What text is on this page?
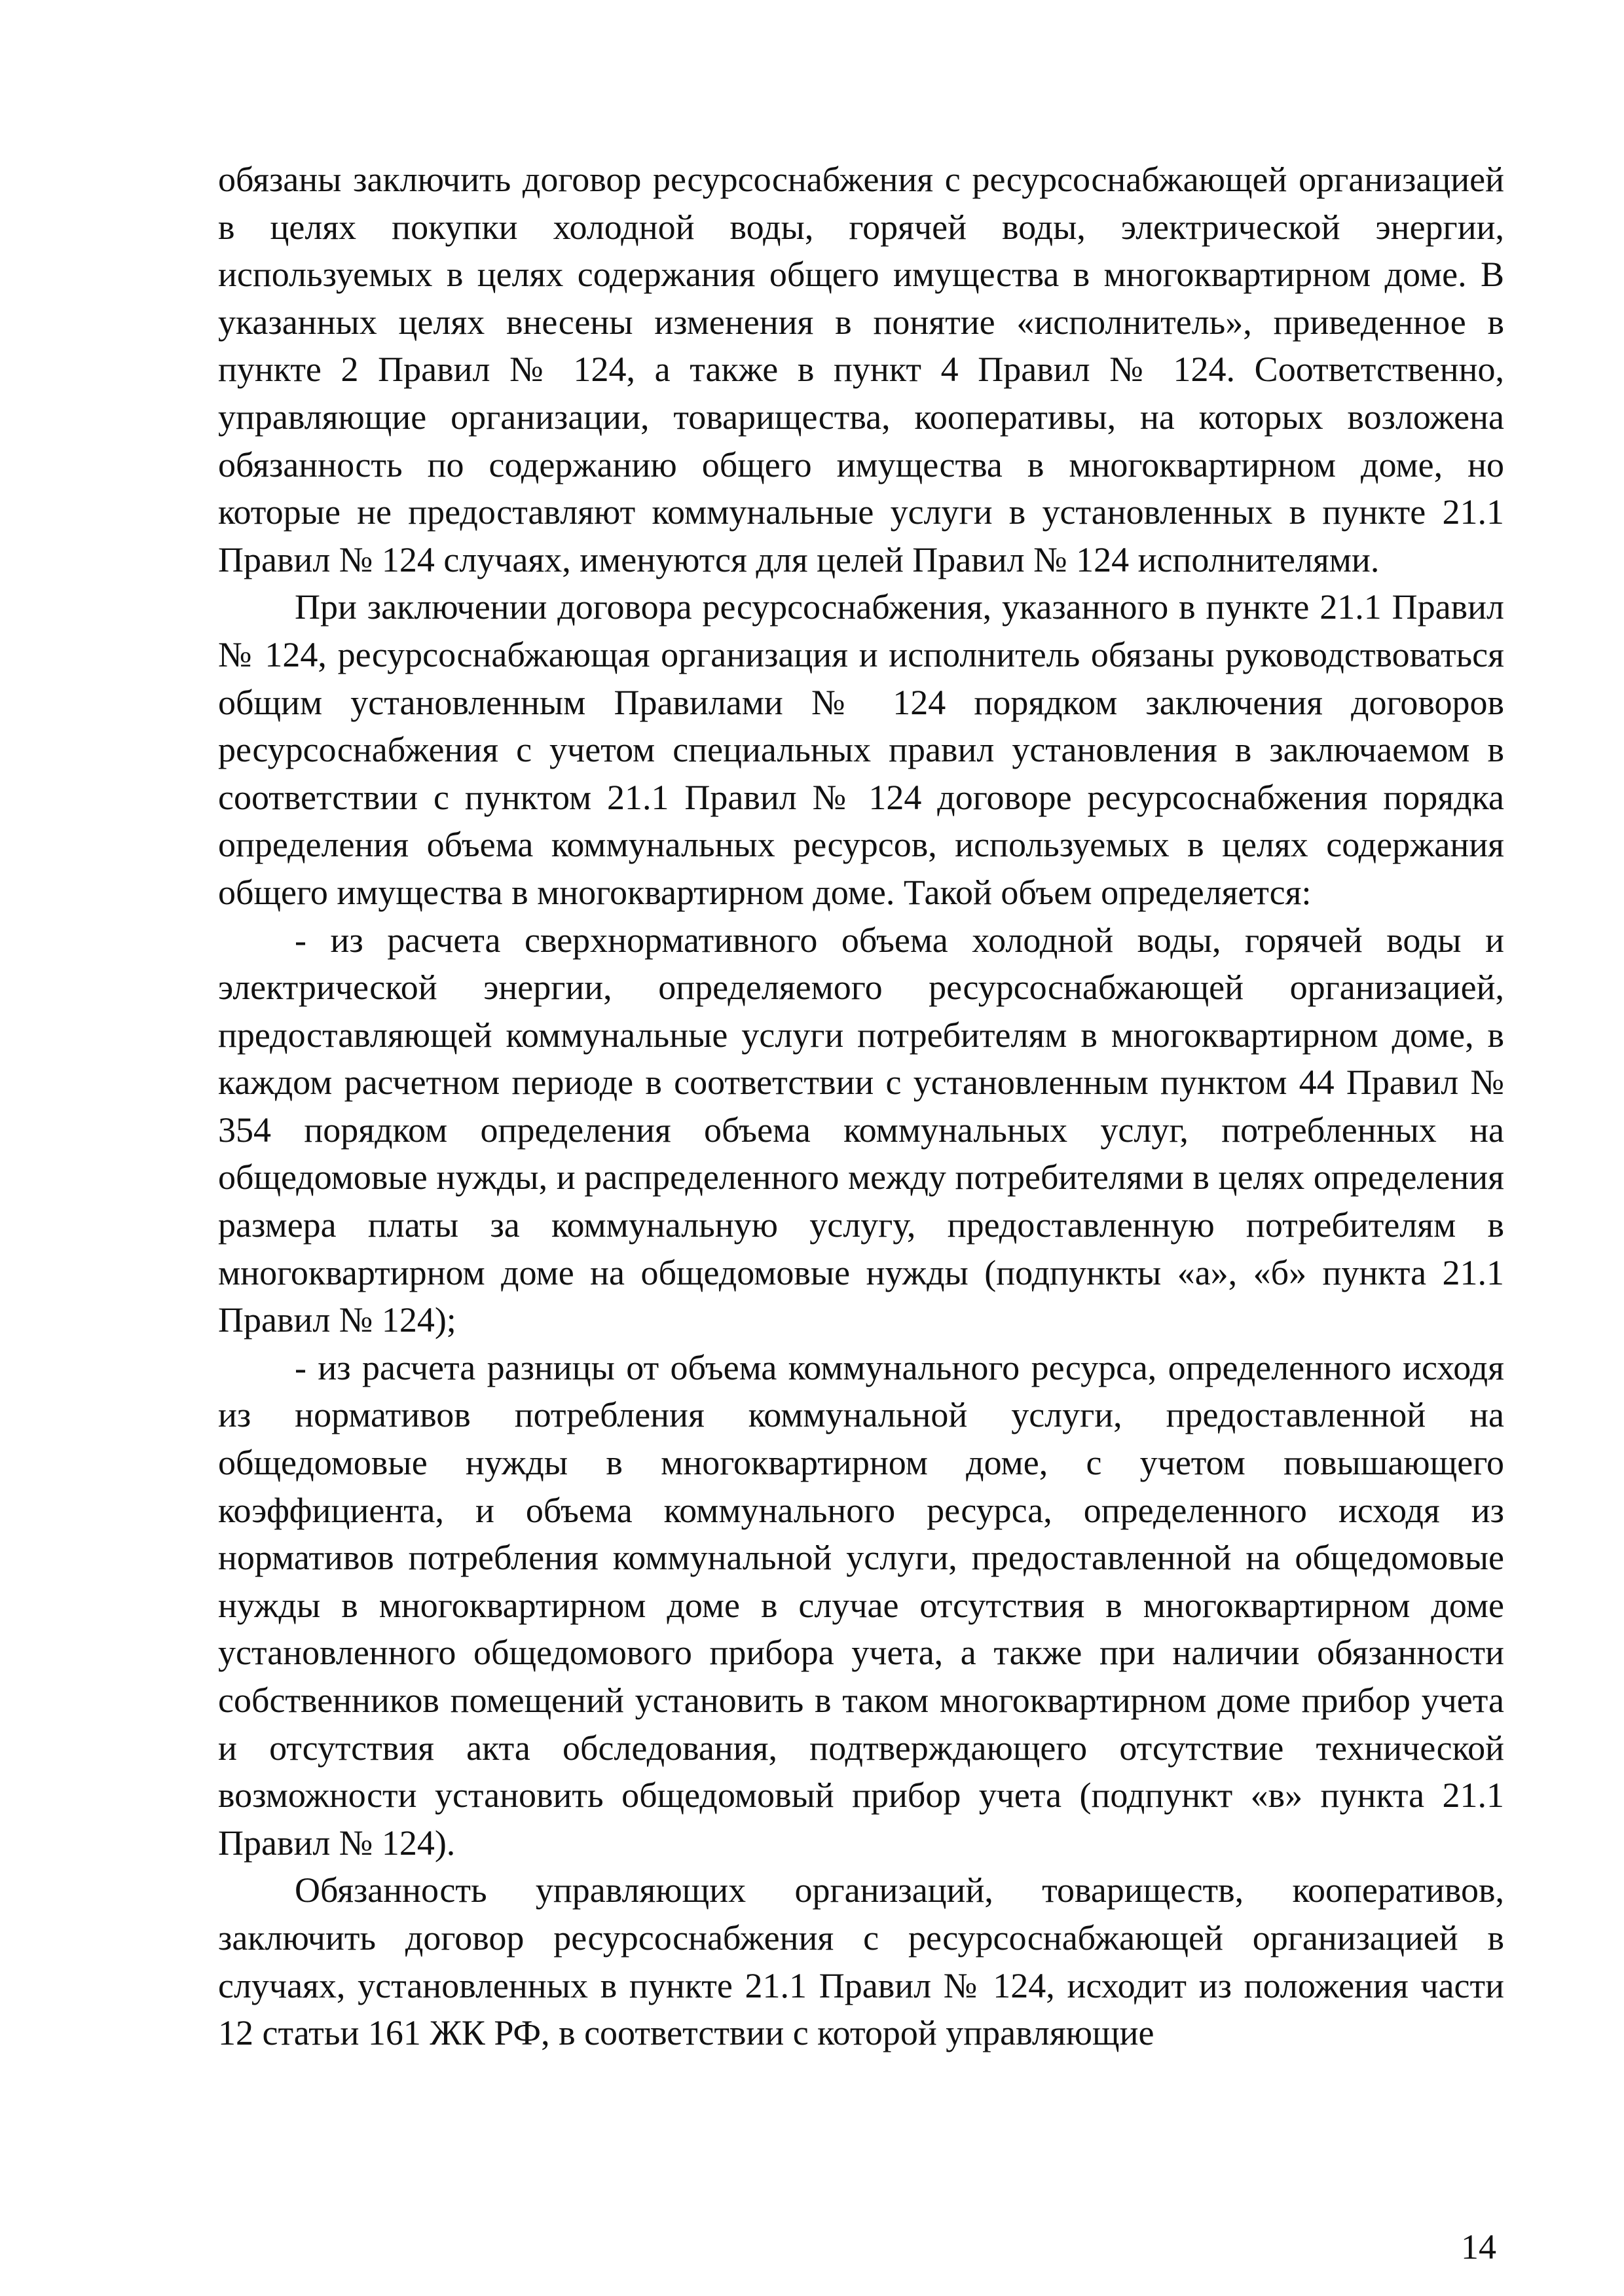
обязаны заключить договор ресурсоснабжения с ресурсоснабжающей организацией в целях покупки холодной воды, горячей воды, электрической энергии, используемых в целях содержания общего имущества в многоквартирном доме. В указанных целях внесены изменения в понятие «исполнитель», приведенное в пункте 2 Правил № 124, а также в пункт 4 Правил № 124. Соответственно, управляющие организации, товарищества, кооперативы, на которых возложена обязанность по содержанию общего имущества в многоквартирном доме, но которые не предоставляют коммунальные услуги в установленных в пункте 21.1 Правил № 124 случаях, именуются для целей Правил № 124 исполнителями.

При заключении договора ресурсоснабжения, указанного в пункте 21.1 Правил № 124, ресурсоснабжающая организация и исполнитель обязаны руководствоваться общим установленным Правилами № 124 порядком заключения договоров ресурсоснабжения с учетом специальных правил установления в заключаемом в соответствии с пунктом 21.1 Правил № 124 договоре ресурсоснабжения порядка определения объема коммунальных ресурсов, используемых в целях содержания общего имущества в многоквартирном доме. Такой объем определяется:

- из расчета сверхнормативного объема холодной воды, горячей воды и электрической энергии, определяемого ресурсоснабжающей организацией, предоставляющей коммунальные услуги потребителям в многоквартирном доме, в каждом расчетном периоде в соответствии с установленным пунктом 44 Правил № 354 порядком определения объема коммунальных услуг, потребленных на общедомовые нужды, и распределенного между потребителями в целях определения размера платы за коммунальную услугу, предоставленную потребителям в многоквартирном доме на общедомовые нужды (подпункты «а», «б» пункта 21.1 Правил № 124);

- из расчета разницы от объема коммунального ресурса, определенного исходя из нормативов потребления коммунальной услуги, предоставленной на общедомовые нужды в многоквартирном доме, с учетом повышающего коэффициента, и объема коммунального ресурса, определенного исходя из нормативов потребления коммунальной услуги, предоставленной на общедомовые нужды в многоквартирном доме в случае отсутствия в многоквартирном доме установленного общедомового прибора учета, а также при наличии обязанности собственников помещений установить в таком многоквартирном доме прибор учета и отсутствия акта обследования, подтверждающего отсутствие технической возможности установить общедомовый прибор учета (подпункт «в» пункта 21.1 Правил № 124).

Обязанность управляющих организаций, товариществ, кооперативов, заключить договор ресурсоснабжения с ресурсоснабжающей организацией в случаях, установленных в пункте 21.1 Правил № 124, исходит из положения части 12 статьи 161 ЖК РФ, в соответствии с которой управляющие

14
